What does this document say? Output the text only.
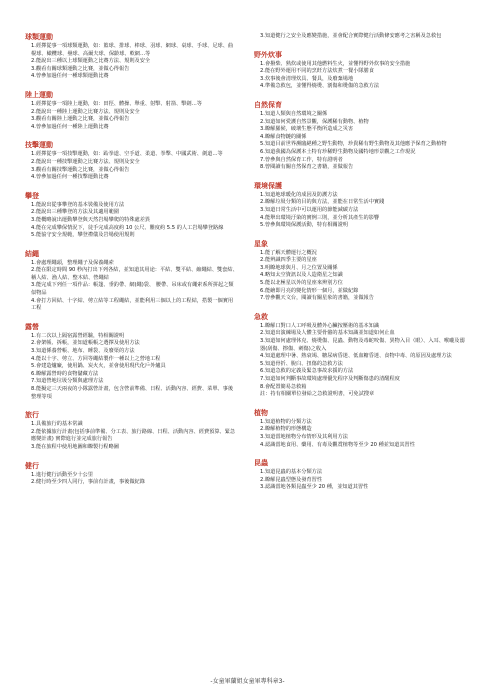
球類運動
1.經擇從事一項球類運動，如：籃球、排球、棒球、羽球、網球、桌球、手球、足球、曲棍球、橄欖球、壘球、高爾夫球、保齡球、軟網…等
2.能說出三種以上球類運動之比賽方法、規則及安全
3.觀看有關球類運動之比賽，並做心得報告
4.曾參加過任何一種球類運動比賽
陸上運動
1.經擇從事一項陸上運動，如：田徑、體操、舉重、射擊、射箭、擊劍…等
2.能說出一種陸上運動之比賽方法、規則及安全
3.觀看有關陸上運動之比賽，並做心得報告
4.曾參加過任何一種陸上運動比賽
技擊運動
1.經擇從事一項技擊運動，如：跆拳道、空手道、柔道、拳擊、中國武術、劍道…等
2.能說出一種技擊運動之比賽方法、規則及安全
3.觀看有關技擊運動之比賽，並做心得報告
4.曾參加過任何一種技擊運動比賽
攀登
1.能說出從事攀登的基本裝備及使用方法
2.能說出三種攀登的方法及其適用範圍
3.能概略說出運動攀登與天然岩場攀爬的特殊處差異
4.能在完成攀保情況下，徒手完成高度約 10 公尺、難度約 5.5 的人工岩場攀登路線
5.能協守安全規範，攀登禮儀及岩場使用規則
結繩
1.會處理繩頭，整理繩子及保養繩索
2.能在限定時間 90 秒內打出下列各結，並知道其用途：平結、雙平結、縮繩結、雙套結、稱人結、漁人結、整木結、營繩結
3.能完成下列任一項作品：帳篷、垂釣帶、網(繩)袋、 腰帶、吊床或有繩索系所拼起之類似物品
4.會打方回結、十字結、剪立結等工程繩結，並能利用三個以上的工程結，搭製一個實用工程
露營
1.有二次以上隔宿露營經驗，特相關證明
2.會架帳、拆帳，並知道帳帳之選擇及使用方法
3.知道係養營帳、地布、睡袋、及廢渠的方法
4.能以十字、剪立、方回等繩結製作一種以上之營地工程
5.會建造爐廠，使用鍋、炭火火，並會使用現代化戶外爐具
6.瞭解露營時的食物儲藏方法
7.知道營地垃圾分類與處理方法
8.能擬定三天兩夜的小隊露營計畫，包含營前準備、日程、活動內容、經費、菜單、事後整理等項
旅行
1.具備旅行的基本常識
2.能依據旅行計畫(包括事前準備、分工表、旅行路線、日程、活動內容、經費預算、緊急應變計畫) 實際進行並完成旅行報告
3.能在旅程中使用地圖和瞭製行程略圖
健行
1.進行健行活動至少十公里
2.健行時至少四人同行，事前有計畫，事後做紀錄
3.知道健行之安全及應變措施，並會配合實際健行活動條安應考之害稱及急救包
野外炊事
1.會撥柴、熟炊或使用其他燃料生火，並懂得野外炊事的安全措施
2.能在野外運用不同的烹飪方法炊煮一餐小隊膳食
3.炊事後會清理炊具、餐具，及廢棄場地
4.準備急救包，並懂得燒燙、割傷和燙傷的急救方法
自然保育
1.知道人類與自然環境之關係
2.知道如何愛護自然景觀，保護稀有動物、植物
3.瞭解羅候，破壞生態平衡所造成之災害
4.瞭解食物鏈的關係
5.知道目前世界瀕臨絕種之野生動物，珍貴稀有野生動物及其他應予保育之動植物
6.知道我國為保護本土特有珍稀野生動物及國特地形景觀之工作現況
7.曾參與自然保育工作，特有證明者
8.曾閱讀有關自然保育之書籍，並做報告
環境保護
1.知道地球暖化的成因及防護方法
2.瞭解垃圾分類的目的與方法，並能在日常生活中實踐
3.知道日常生活中可以運用的節能減碳方法
4.能舉出環境汙染的實例三則，並分析其產生的影響
5.曾參與環境保護活動，特有相關證明
星象
1.能了解天體運行之概況
2.能辨識四季主要的星座
3.明瞭地球與月、月之位置及關係
4.略知太空資訊以及人造衛星之知識
5.能以北極星以外的星座來辨別方位
6.能繪即月亮的變化情形一個月，並做紀錄
7.曾參觀天文台，閱讀有關星象的書籍，並做報告
急救
1.瞭解口對口人工呼吸及體外心臟按壓術的基本知識
2.知道出演練場及人體主要骨骼的基本知識並知道如何止血
3.知道如何處理休克、燒燙傷、昆蟲、動物及毒蛇咬傷、異物入目（眼）、入耳、喉嚨及溺器(刮傷、擦傷、刺傷)之收入
4.知道處理中暑、熱衰竭、糖尿病昏迷、低血糖昏迷、食物中毒、的原因及處理方法
5.知道骨折、脫臼、扭傷的急救方法
6.知道急救的定義及緊急事故求援的方法
7.知道如何判斷事故環境處理優先程序及判斷傷患的清醒程度
8.會配置簡易急救箱
註：持有相關單位發給之急救證明書，可免試搜章
植物
1.知道植物的分類方法
2.瞭解植物的形態構造
3.知道當地植物分布情形及其利用方法
4.認識當地食用、藥用、有毒及觀賞植物等至少 20 種並知道其習性
昆蟲
1.知道昆蟲的基本分類方法
2.瞭解昆蟲型態及發育習性
3.認識當地各類昆蟲至少 20 種，並知道其習性
-女童軍蘭姐女童軍專科章3-
